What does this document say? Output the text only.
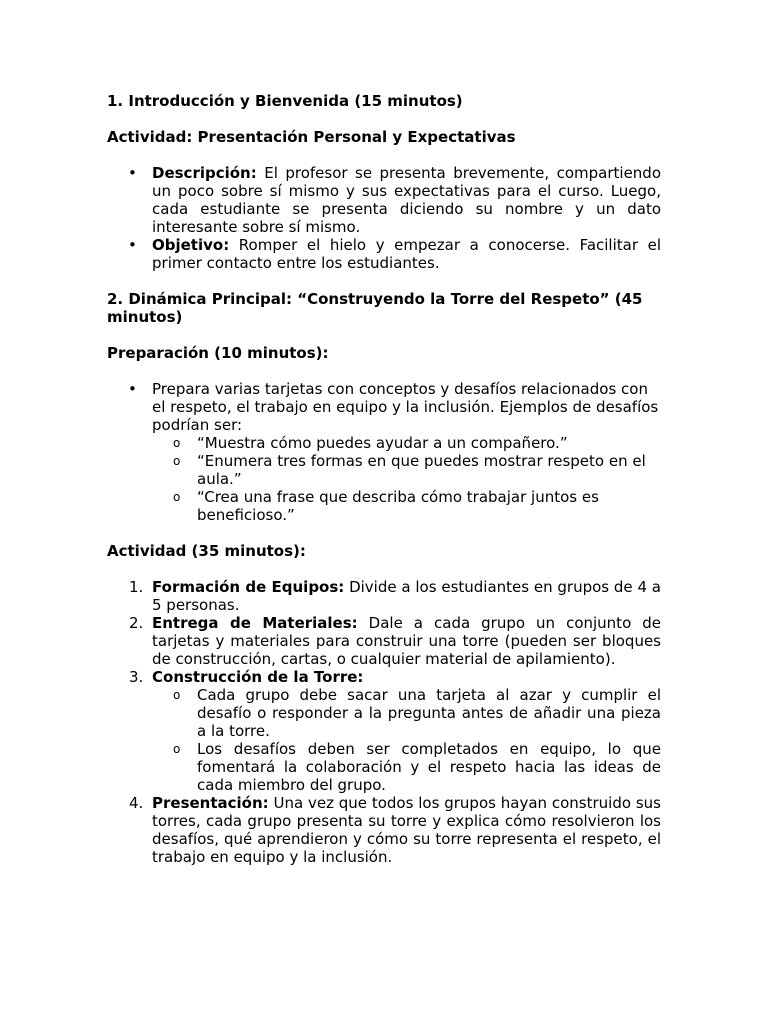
1. Introducción y Bienvenida (15 minutos)

Actividad: Presentación Personal y Expectativas

• Descripción: El profesor se presenta brevemente, compartiendo un poco sobre sí mismo y sus expectativas para el curso. Luego, cada estudiante se presenta diciendo su nombre y un dato interesante sobre sí mismo.
• Objetivo: Romper el hielo y empezar a conocerse. Facilitar el primer contacto entre los estudiantes.

2. Dinámica Principal: “Construyendo la Torre del Respeto” (45 minutos)

Preparación (10 minutos):

• Prepara varias tarjetas con conceptos y desafíos relacionados con el respeto, el trabajo en equipo y la inclusión. Ejemplos de desafíos podrían ser:
o “Muestra cómo puedes ayudar a un compañero.”
o “Enumera tres formas en que puedes mostrar respeto en el aula.”
o “Crea una frase que describa cómo trabajar juntos es beneficioso.”

Actividad (35 minutos):

1. Formación de Equipos: Divide a los estudiantes en grupos de 4 a 5 personas.
2. Entrega de Materiales: Dale a cada grupo un conjunto de tarjetas y materiales para construir una torre (pueden ser bloques de construcción, cartas, o cualquier material de apilamiento).
3. Construcción de la Torre:
o Cada grupo debe sacar una tarjeta al azar y cumplir el desafío o responder a la pregunta antes de añadir una pieza a la torre.
o Los desafíos deben ser completados en equipo, lo que fomentará la colaboración y el respeto hacia las ideas de cada miembro del grupo.
4. Presentación: Una vez que todos los grupos hayan construido sus torres, cada grupo presenta su torre y explica cómo resolvieron los desafíos, qué aprendieron y cómo su torre representa el respeto, el trabajo en equipo y la inclusión.
